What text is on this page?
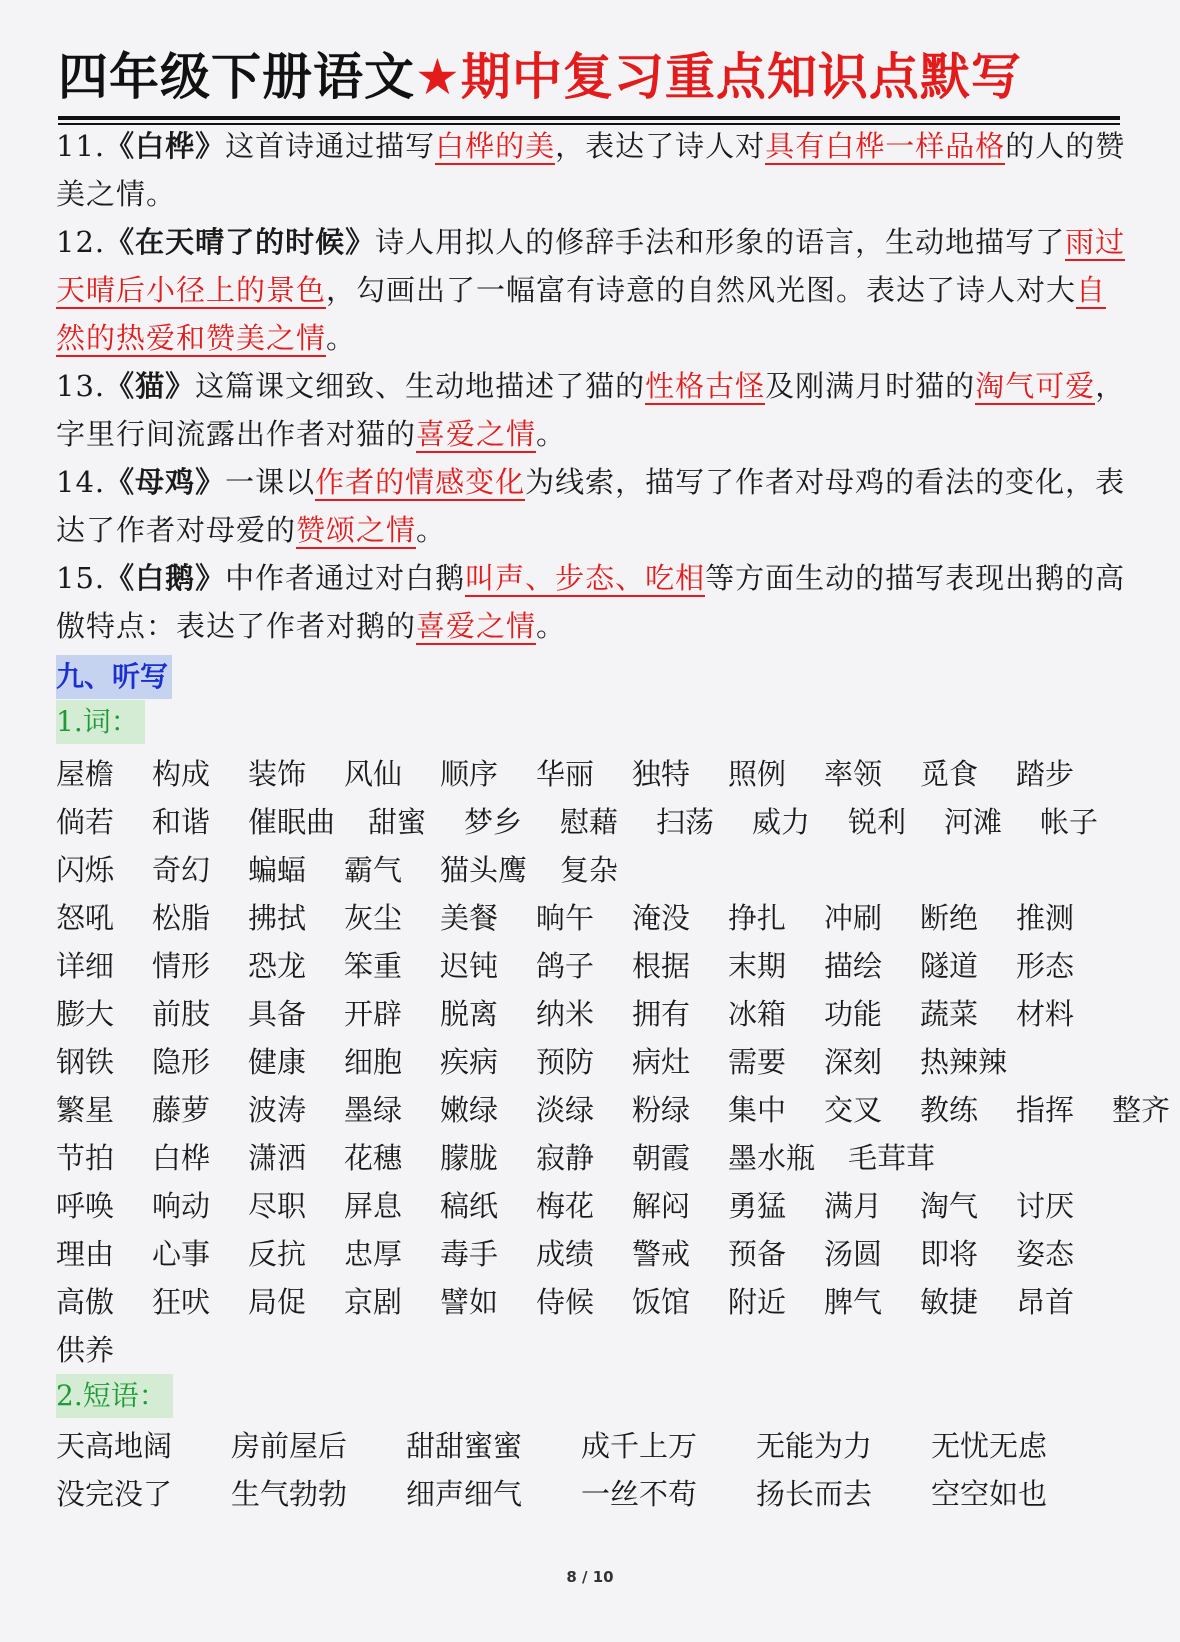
四年级下册语文★期中复习重点知识点默写
11.《白桦》这首诗通过描写白桦的美，表达了诗人对具有白桦一样品格的人的赞美之情。
12.《在天晴了的时候》诗人用拟人的修辞手法和形象的语言，生动地描写了雨过天晴后小径上的景色，勾画出了一幅富有诗意的自然风光图。表达了诗人对大自然的热爱和赞美之情。
13.《猫》这篇课文细致、生动地描述了猫的性格古怪及刚满月时猫的淘气可爱，字里行间流露出作者对猫的喜爱之情。
14.《母鸡》一课以作者的情感变化为线索，描写了作者对母鸡的看法的变化，表达了作者对母爱的赞颂之情。
15.《白鹅》中作者通过对白鹅叫声、步态、吃相等方面生动的描写表现出鹅的高傲特点：表达了作者对鹅的喜爱之情。
九、听写
1.词：
屋檐	构成	装饰	风仙	顺序	华丽	独特	照例	率领	觅食	踏步
倘若	和谐	催眠曲	甜蜜	梦乡	慰藉	扫荡	威力	锐利	河滩	帐子
闪烁	奇幻	蝙蝠	霸气	猫头鹰	复杂
怒吼	松脂	拂拭	灰尘	美餐	晌午	淹没	挣扎	冲刷	断绝	推测
详细	情形	恐龙	笨重	迟钝	鸽子	根据	末期	描绘	隧道	形态
膨大	前肢	具备	开辟	脱离	纳米	拥有	冰箱	功能	蔬菜	材料
钢铁	隐形	健康	细胞	疾病	预防	病灶	需要	深刻	热辣辣
繁星	藤萝	波涛	墨绿	嫩绿	淡绿	粉绿	集中	交叉	教练	指挥	整齐
节拍	白桦	潇洒	花穗	朦胧	寂静	朝霞	墨水瓶	毛茸茸
呼唤	响动	尽职	屏息	稿纸	梅花	解闷	勇猛	满月	淘气	讨厌
理由	心事	反抗	忠厚	毒手	成绩	警戒	预备	汤圆	即将	姿态
高傲	狂吠	局促	京剧	譬如	侍候	饭馆	附近	脾气	敏捷	昂首
供养
2.短语：
天高地阔	房前屋后	甜甜蜜蜜	成千上万	无能为力	无忧无虑
没完没了	生气勃勃	细声细气	一丝不苟	扬长而去	空空如也
8 / 10
